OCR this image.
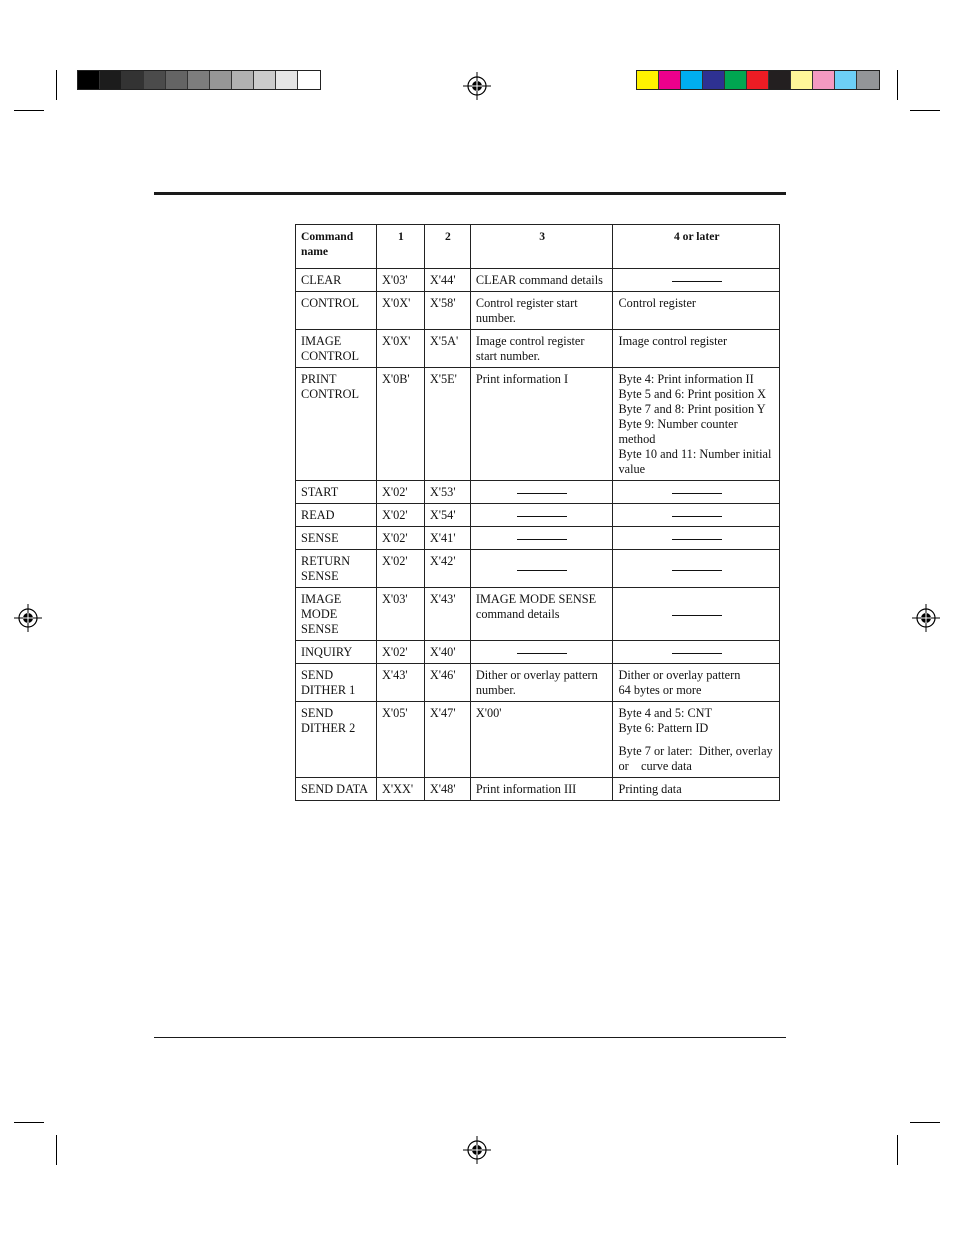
Command name	1	2	3	4 or later
CLEAR	X'03'	X'44'	CLEAR command details	

CONTROL	X'0X'	X'58'	Control register start number.	Control register
IMAGE CONTROL	X'0X'	X'5A'	Image control register start number.	Image control register
PRINT CONTROL	X'0B'	X'5E'	Print information I	Byte 4: Print information II
Byte 5 and 6: Print position X
Byte 7 and 8: Print position Y
Byte 9: Number counter method
Byte 10 and 11: Number initial value

START	X'02'	X'53'	

READ	X'02'	X'54'	

SENSE	X'02'	X'41'	

RETURN SENSE	X'02'	X'42'	

IMAGE MODE SENSE	X'03'	X'43'	IMAGE MODE SENSE command details	

INQUIRY	X'02'	X'40'	

SEND DITHER 1	X'43'	X'46'	Dither or overlay pattern number.	Dither or overlay pattern
64 bytes or more

SEND DITHER 2	X'05'	X'47'	X'00'	Byte 4 and 5: CNT
Byte 6: Pattern ID
Byte 7 or later:  Dither, overlay or    curve data

SEND DATA	X'XX'	X'48'	Print information III	Printing data
